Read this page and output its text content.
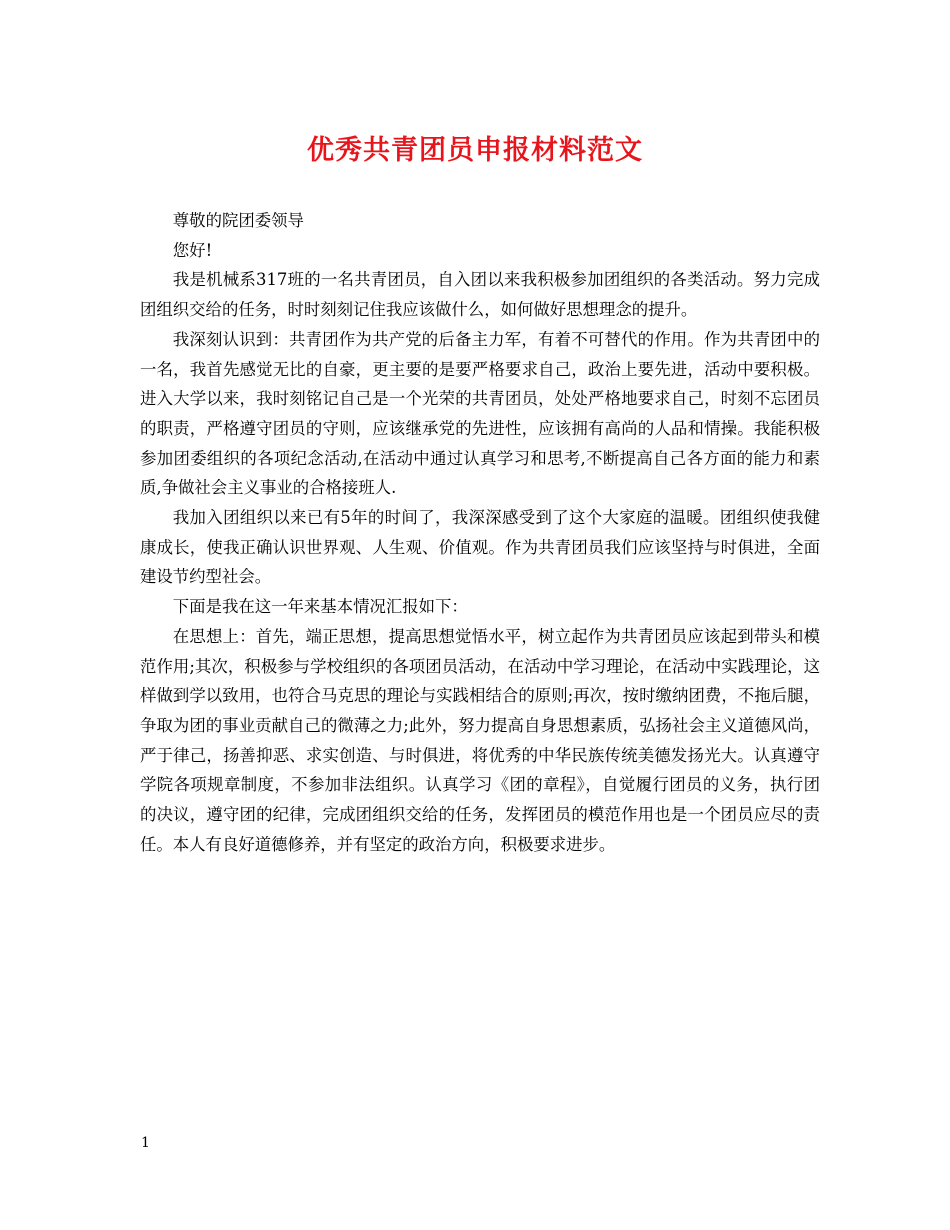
优秀共青团员申报材料范文

尊敬的院团委领导

您好!

我是机械系317班的一名共青团员，自入团以来我积极参加团组织的各类活动。努力完成团组织交给的任务，时时刻刻记住我应该做什么，如何做好思想理念的提升。

我深刻认识到：共青团作为共产党的后备主力军，有着不可替代的作用。作为共青团中的一名，我首先感觉无比的自豪，更主要的是要严格要求自己，政治上要先进，活动中要积极。进入大学以来，我时刻铭记自己是一个光荣的共青团员，处处严格地要求自己，时刻不忘团员的职责，严格遵守团员的守则，应该继承党的先进性，应该拥有高尚的人品和情操。我能积极参加团委组织的各项纪念活动,在活动中通过认真学习和思考,不断提高自己各方面的能力和素质,争做社会主义事业的合格接班人.

我加入团组织以来已有5年的时间了，我深深感受到了这个大家庭的温暖。团组织使我健康成长，使我正确认识世界观、人生观、价值观。作为共青团员我们应该坚持与时俱进，全面建设节约型社会。

下面是我在这一年来基本情况汇报如下：

在思想上：首先，端正思想，提高思想觉悟水平，树立起作为共青团员应该起到带头和模范作用;其次，积极参与学校组织的各项团员活动，在活动中学习理论，在活动中实践理论，这样做到学以致用，也符合马克思的理论与实践相结合的原则;再次，按时缴纳团费，不拖后腿，争取为团的事业贡献自己的微薄之力;此外，努力提高自身思想素质，弘扬社会主义道德风尚，严于律己，扬善抑恶、求实创造、与时俱进，将优秀的中华民族传统美德发扬光大。认真遵守学院各项规章制度，不参加非法组织。认真学习《团的章程》，自觉履行团员的义务，执行团的决议，遵守团的纪律，完成团组织交给的任务，发挥团员的模范作用也是一个团员应尽的责任。本人有良好道德修养，并有坚定的政治方向，积极要求进步。

1
